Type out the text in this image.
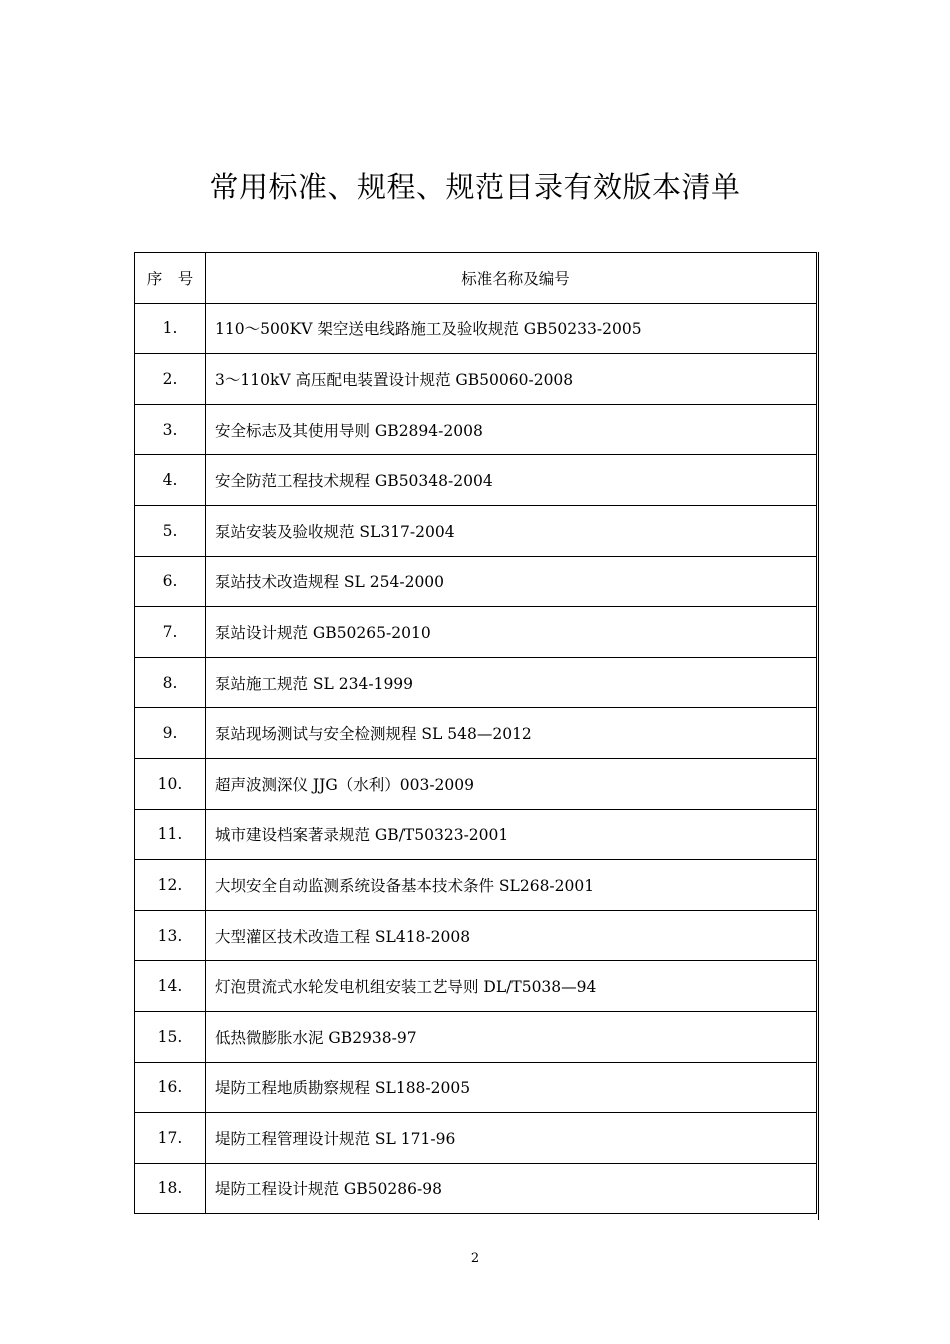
常用标准、规程、规范目录有效版本清单
序　号	标准名称及编号
1.	110～500KV 架空送电线路施工及验收规范 GB50233-2005
2.	3～110kV 高压配电装置设计规范 GB50060-2008
3.	安全标志及其使用导则 GB2894-2008
4.	安全防范工程技术规程 GB50348-2004
5.	泵站安装及验收规范 SL317-2004
6.	泵站技术改造规程 SL 254-2000
7.	泵站设计规范 GB50265-2010
8.	泵站施工规范 SL 234-1999
9.	泵站现场测试与安全检测规程 SL 548—2012
10.	超声波测深仪 JJG（水利）003-2009
11.	城市建设档案著录规范 GB/T50323-2001
12.	大坝安全自动监测系统设备基本技术条件 SL268-2001
13.	大型灌区技术改造工程 SL418-2008
14.	灯泡贯流式水轮发电机组安装工艺导则 DL/T5038—94
15.	低热微膨胀水泥 GB2938-97
16.	堤防工程地质勘察规程 SL188-2005
17.	堤防工程管理设计规范 SL 171-96
18.	堤防工程设计规范 GB50286-98
2
